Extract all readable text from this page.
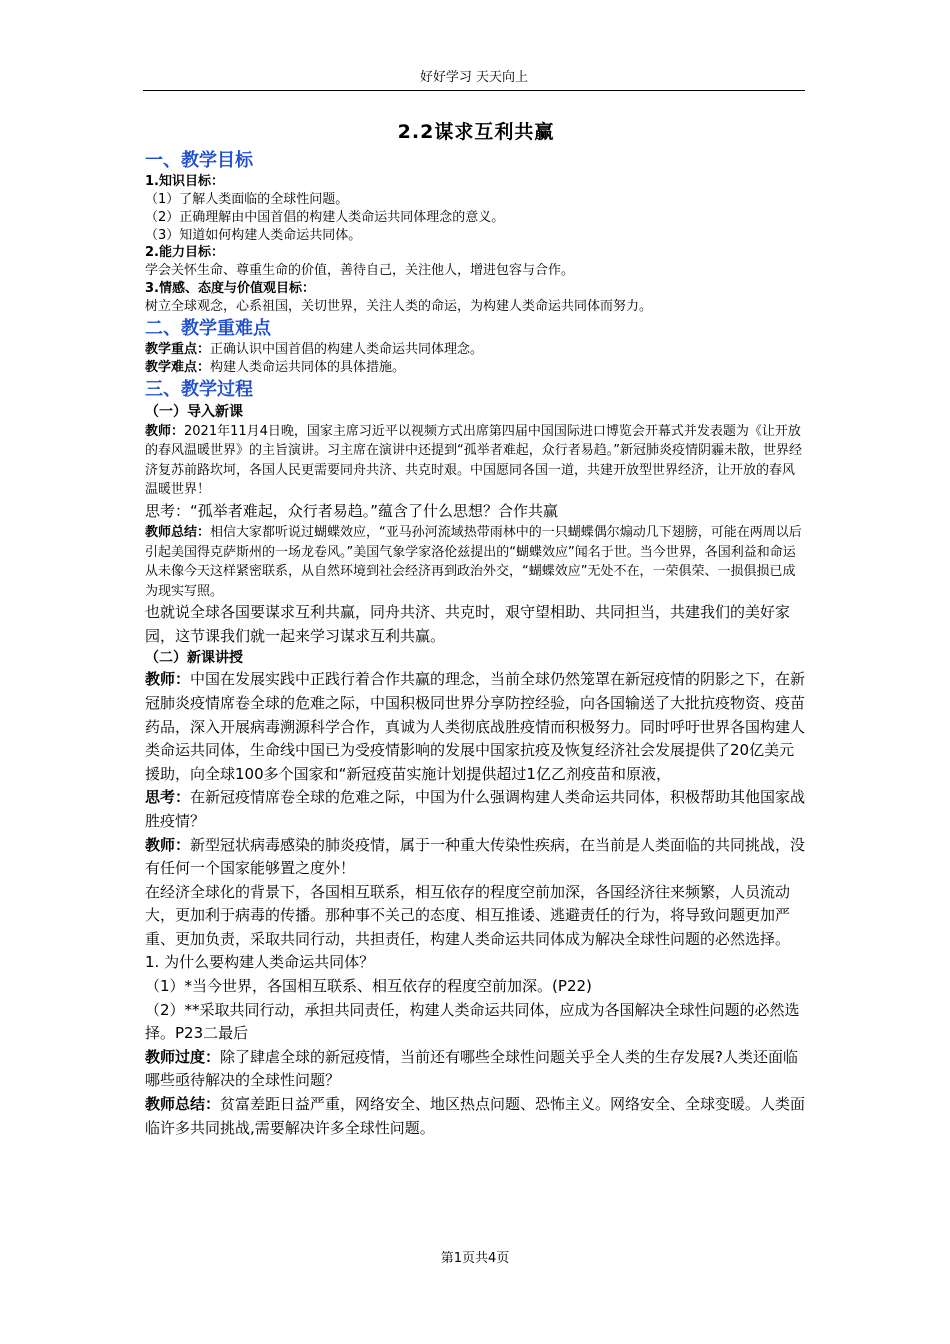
好好学习 天天向上
2.2谋求互利共赢
一、教学目标
1.知识目标：
（1）了解人类面临的全球性问题。
（2）正确理解由中国首倡的构建人类命运共同体理念的意义。
（3）知道如何构建人类命运共同体。
2.能力目标：
学会关怀生命、尊重生命的价值，善待自己，关注他人，增进包容与合作。
3.情感、态度与价值观目标：
树立全球观念，心系祖国，关切世界，关注人类的命运，为构建人类命运共同体而努力。
二、教学重难点
教学重点：正确认识中国首倡的构建人类命运共同体理念。
教学难点：构建人类命运共同体的具体措施。
三、教学过程
（一）导入新课
教师：2021年11月4日晚，国家主席习近平以视频方式出席第四届中国国际进口博览会开幕式并发表题为《让开放的春风温暖世界》的主旨演讲。习主席在演讲中还提到“孤举者难起，众行者易趋。”新冠肺炎疫情阴霾未散，世界经济复苏前路坎坷，各国人民更需要同舟共济、共克时艰。中国愿同各国一道，共建开放型世界经济，让开放的春风温暖世界！
思考：“孤举者难起，众行者易趋。”蕴含了什么思想？合作共赢
教师总结：相信大家都听说过蝴蝶效应，“亚马孙河流域热带雨林中的一只蝴蝶偶尔煽动几下翅膀，可能在两周以后引起美国得克萨斯州的一场龙卷风。”美国气象学家洛伦兹提出的“蝴蝶效应”闻名于世。当今世界，各国利益和命运从未像今天这样紧密联系，从自然环境到社会经济再到政治外交，“蝴蝶效应”无处不在，一荣俱荣、一损俱损已成为现实写照。
也就说全球各国要谋求互利共赢，同舟共济、共克时，艰守望相助、共同担当，共建我们的美好家园，这节课我们就一起来学习谋求互利共赢。
（二）新课讲授
教师：中国在发展实践中正践行着合作共赢的理念，当前全球仍然笼罩在新冠疫情的阴影之下，在新冠肺炎疫情席卷全球的危难之际，中国积极同世界分享防控经验，向各国输送了大批抗疫物资、疫苗药品，深入开展病毒溯源科学合作，真诚为人类彻底战胜疫情而积极努力。同时呼吁世界各国构建人类命运共同体，生命线中国已为受疫情影响的发展中国家抗疫及恢复经济社会发展提供了20亿美元援助，向全球100多个国家和“新冠疫苗实施计划提供超过1亿乙剂疫苗和原液，
思考：在新冠疫情席卷全球的危难之际，中国为什么强调构建人类命运共同体，积极帮助其他国家战胜疫情？
教师：新型冠状病毒感染的肺炎疫情，属于一种重大传染性疾病，在当前是人类面临的共同挑战，没有任何一个国家能够置之度外！
在经济全球化的背景下，各国相互联系，相互依存的程度空前加深，各国经济往来频繁，人员流动大，更加利于病毒的传播。那种事不关己的态度、相互推诿、逃避责任的行为，将导致问题更加严重、更加负责，采取共同行动，共担责任，构建人类命运共同体成为解决全球性问题的必然选择。
1. 为什么要构建人类命运共同体？
（1）*当今世界，各国相互联系、相互依存的程度空前加深。(P22)
（2）**采取共同行动，承担共同责任，构建人类命运共同体，应成为各国解决全球性问题的必然选择。P23二最后
教师过度：除了肆虐全球的新冠疫情，当前还有哪些全球性问题关乎全人类的生存发展?人类还面临哪些亟待解决的全球性问题？
教师总结：贫富差距日益严重，网络安全、地区热点问题、恐怖主义。网络安全、全球变暖。人类面临许多共同挑战,需要解决许多全球性问题。
第1页共4页
